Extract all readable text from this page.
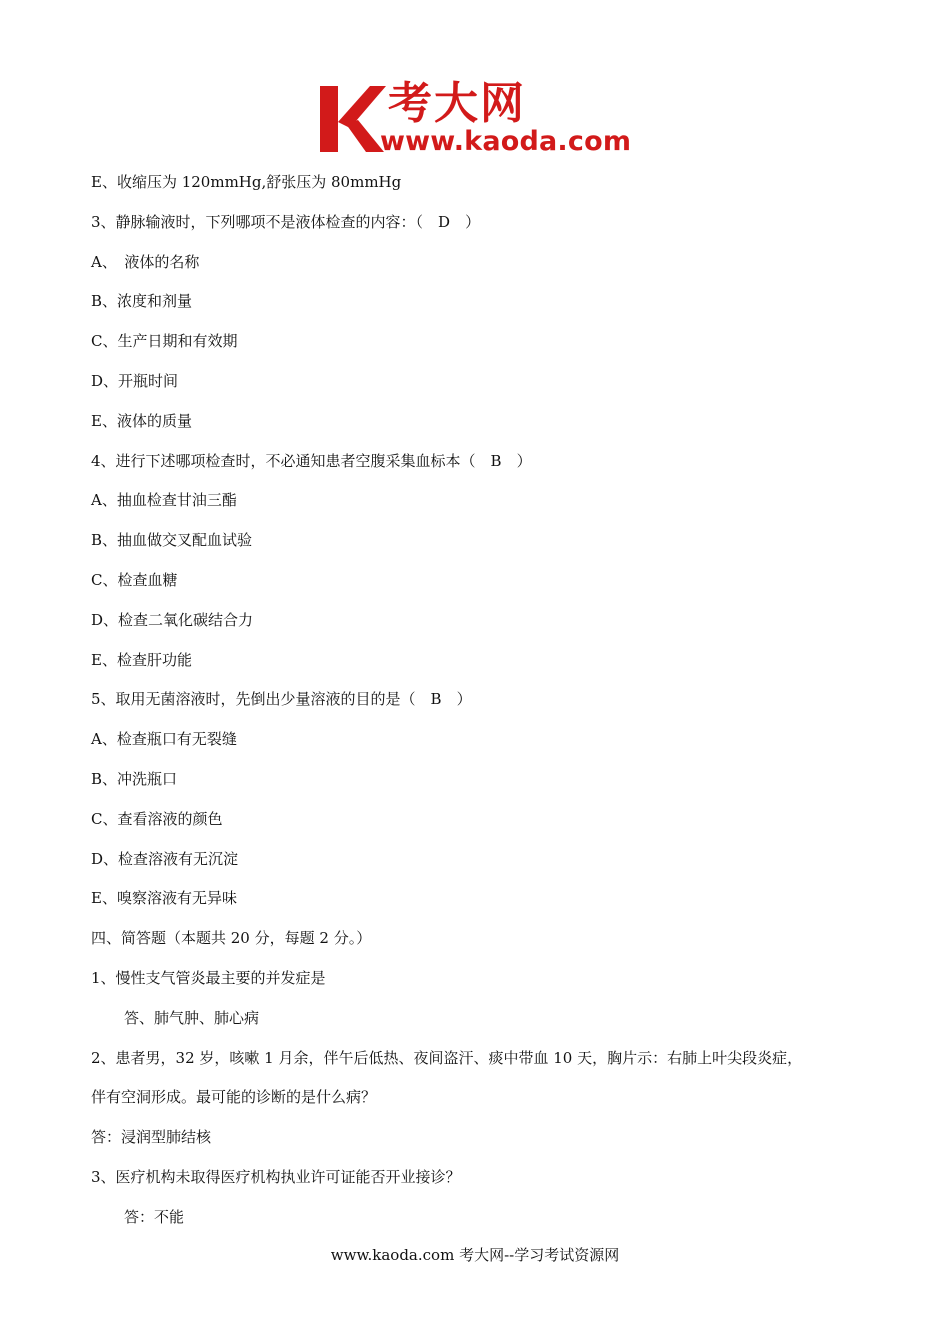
考大网
www.kaoda.com
E、收缩压为 120mmHg,舒张压为 80mmHg
3、静脉输液时，下列哪项不是液体检查的内容：（　D　）
A、　液体的名称
B、浓度和剂量
C、生产日期和有效期
D、开瓶时间
E、液体的质量
4、进行下述哪项检查时，不必通知患者空腹采集血标本（　B　）
A、抽血检查甘油三酯
B、抽血做交叉配血试验
C、检查血糖
D、检查二氧化碳结合力
E、检查肝功能
5、取用无菌溶液时，先倒出少量溶液的目的是（　B　）
A、检查瓶口有无裂缝
B、冲洗瓶口
C、查看溶液的颜色
D、检查溶液有无沉淀
E、嗅察溶液有无异味
四、简答题（本题共 20 分，每题 2 分。）
1、慢性支气管炎最主要的并发症是
答、肺气肿、肺心病
2、患者男，32 岁，咳嗽 1 月余，伴午后低热、夜间盗汗、痰中带血 10 天，胸片示：右肺上叶尖段炎症，
伴有空洞形成。最可能的诊断的是什么病？
答：浸润型肺结核
3、医疗机构未取得医疗机构执业许可证能否开业接诊？
答：不能
www.kaoda.com 考大网--学习考试资源网
